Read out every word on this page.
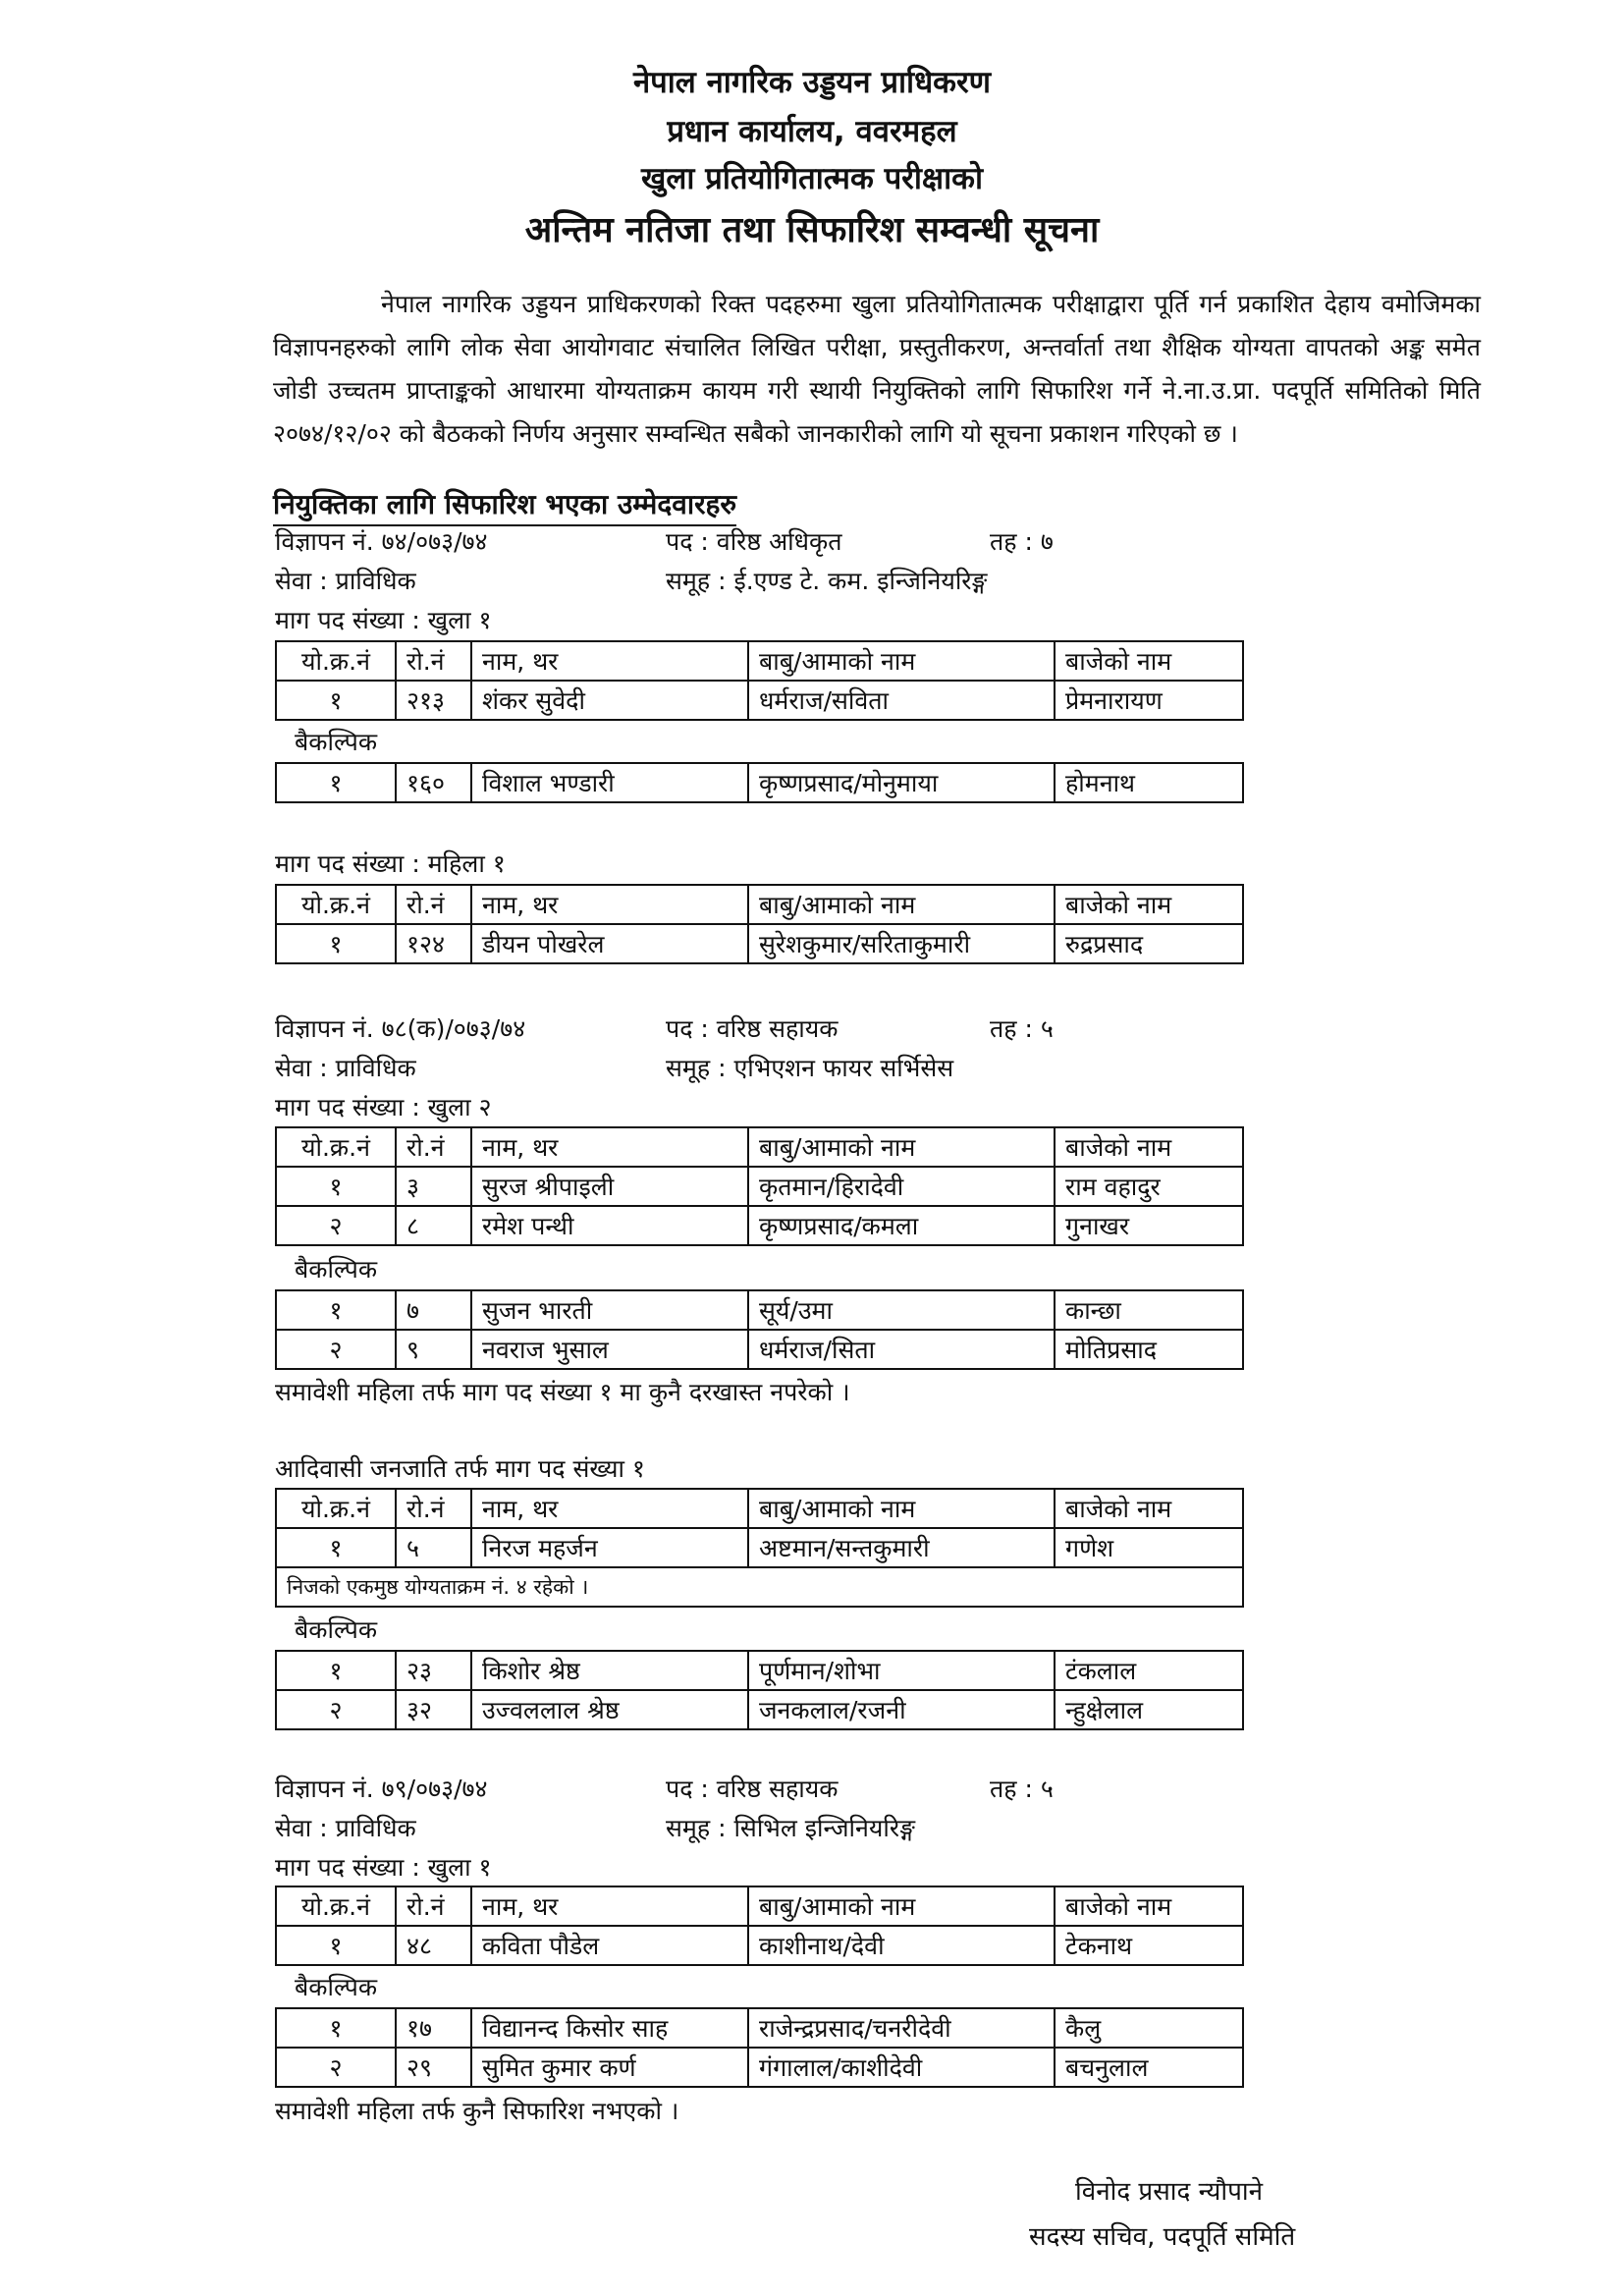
नेपाल नागरिक उड्डयन प्राधिकरण
प्रधान कार्यालय, ववरमहल
खुला प्रतियोगितात्मक परीक्षाको
अन्तिम नतिजा तथा सिफारिश सम्वन्धी सूचना

नेपाल नागरिक उड्डयन प्राधिकरणको रिक्त पदहरुमा खुला प्रतियोगितात्मक परीक्षाद्वारा पूर्ति गर्न प्रकाशित देहाय वमोजिमका विज्ञापनहरुको लागि लोक सेवा आयोगवाट संचालित लिखित परीक्षा, प्रस्तुतीकरण, अन्तर्वार्ता तथा शैक्षिक योग्यता वापतको अङ्क समेत जोडी उच्चतम प्राप्ताङ्कको आधारमा योग्यताक्रम कायम गरी स्थायी नियुक्तिको लागि सिफारिश गर्ने ने.ना.उ.प्रा. पदपूर्ति समितिको मिति २०७४/१२/०२ को बैठकको निर्णय अनुसार सम्वन्धित सबैको जानकारीको लागि यो सूचना प्रकाशन गरिएको छ ।

नियुक्तिका लागि सिफारिश भएका उम्मेदवारहरु
विज्ञापन नं. ७४/०७३/७४	पद : वरिष्ठ अधिकृत	तह : ७
सेवा : प्राविधिक	समूह : ई.एण्ड टे. कम. इन्जिनियरिङ्ग
माग पद संख्या : खुला १
यो.क्र.नं	रो.नं	नाम, थर	बाबु/आमाको नाम	बाजेको नाम
१	२१३	शंकर सुवेदी	धर्मराज/सविता	प्रेमनारायण
बैकल्पिक
१	१६०	विशाल भण्डारी	कृष्णप्रसाद/मोनुमाया	होमनाथ
माग पद संख्या : महिला १
यो.क्र.नं	रो.नं	नाम, थर	बाबु/आमाको नाम	बाजेको नाम
१	१२४	डीयन पोखरेल	सुरेशकुमार/सरिताकुमारी	रुद्रप्रसाद
विज्ञापन नं. ७८(क)/०७३/७४	पद : वरिष्ठ सहायक	तह : ५
सेवा : प्राविधिक	समूह : एभिएशन फायर सर्भिसेस
माग पद संख्या : खुला २
यो.क्र.नं	रो.नं	नाम, थर	बाबु/आमाको नाम	बाजेको नाम
१	३	सुरज श्रीपाइली	कृतमान/हिरादेवी	राम वहादुर
२	८	रमेश पन्थी	कृष्णप्रसाद/कमला	गुनाखर
बैकल्पिक
१	७	सुजन भारती	सूर्य/उमा	कान्छा
२	९	नवराज भुसाल	धर्मराज/सिता	मोतिप्रसाद
समावेशी महिला तर्फ माग पद संख्या १ मा कुनै दरखास्त नपरेको ।
आदिवासी जनजाति तर्फ माग पद संख्या १
यो.क्र.नं	रो.नं	नाम, थर	बाबु/आमाको नाम	बाजेको नाम
१	५	निरज महर्जन	अष्टमान/सन्तकुमारी	गणेश
निजको एकमुष्ठ योग्यताक्रम नं. ४ रहेको ।				
बैकल्पिक
१	२३	किशोर श्रेष्ठ	पूर्णमान/शोभा	टंकलाल
२	३२	उज्वललाल श्रेष्ठ	जनकलाल/रजनी	न्हुक्षेलाल
विज्ञापन नं. ७९/०७३/७४	पद : वरिष्ठ सहायक	तह : ५
सेवा : प्राविधिक	समूह : सिभिल इन्जिनियरिङ्ग
माग पद संख्या : खुला १
यो.क्र.नं	रो.नं	नाम, थर	बाबु/आमाको नाम	बाजेको नाम
१	४८	कविता पौडेल	काशीनाथ/देवी	टेकनाथ
बैकल्पिक
१	१७	विद्यानन्द किसोर साह	राजेन्द्रप्रसाद/चनरीदेवी	कैलु
२	२९	सुमित कुमार कर्ण	गंगालाल/काशीदेवी	बचनुलाल
समावेशी महिला तर्फ कुनै सिफारिश नभएको ।
विनोद प्रसाद न्यौपाने
सदस्य सचिव, पदपूर्ति समिति
